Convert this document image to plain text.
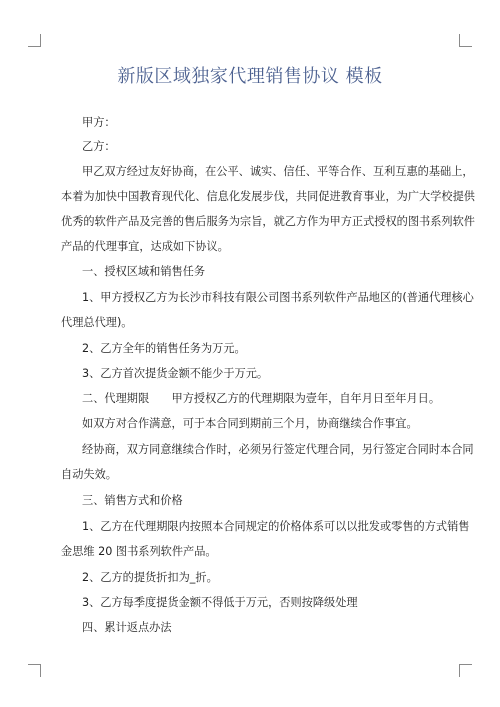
新版区域独家代理销售协议 模板
甲方：
乙方：
甲乙双方经过友好协商，在公平、诚实、信任、平等合作、互利互惠的基础上，
本着为加快中国教育现代化、信息化发展步伐，共同促进教育事业，为广大学校提供
优秀的软件产品及完善的售后服务为宗旨，就乙方作为甲方正式授权的图书系列软件
产品的代理事宜，达成如下协议。
一、授权区域和销售任务
1、甲方授权乙方为长沙市科技有限公司图书系列软件产品地区的(普通代理核心
代理总代理)。
2、乙方全年的销售任务为万元。
3、乙方首次提货金额不能少于万元。
二、代理期限　　甲方授权乙方的代理期限为壹年，自年月日至年月日。
如双方对合作满意，可于本合同到期前三个月，协商继续合作事宜。
经协商，双方同意继续合作时，必须另行签定代理合同，另行签定合同时本合同
自动失效。
三、销售方式和价格
1、乙方在代理期限内按照本合同规定的价格体系可以以批发或零售的方式销售
金思维 20 图书系列软件产品。
2、乙方的提货折扣为_折。
3、乙方每季度提货金额不得低于万元，否则按降级处理
四、累计返点办法
